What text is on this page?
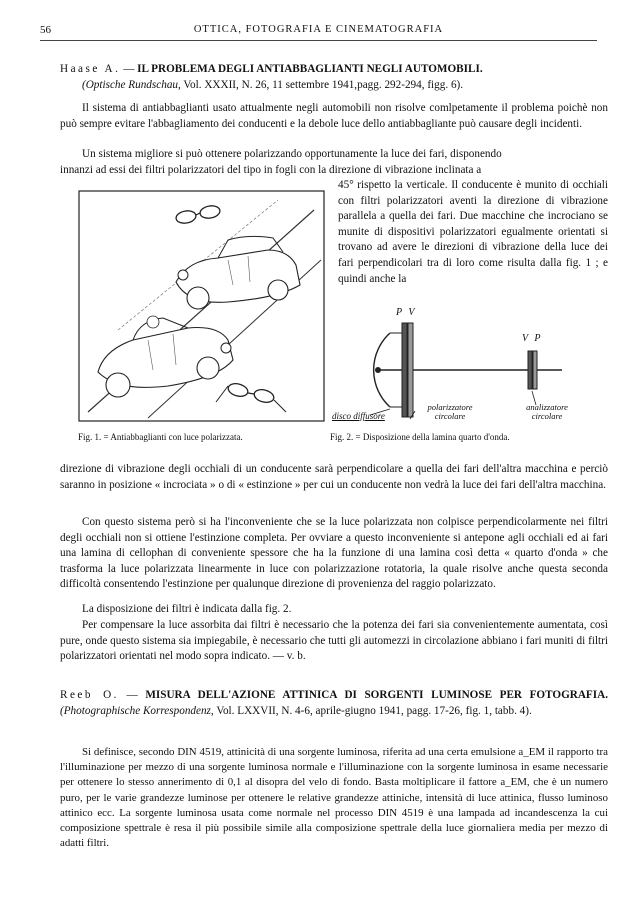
56	OTTICA, FOTOGRAFIA E CINEMATOGRAFIA
Haase A. — IL PROBLEMA DEGLI ANTIABBAGLIANTI NEGLI AUTOMOBILI.
(Optische Rundschau, Vol. XXXII, N. 26, 11 settembre 1941,pagg. 292-294, figg. 6).
Il sistema di antiabbaglianti usato attualmente negli automobili non risolve comlpetamente il problema poichè non può sempre evitare l'abbagliamento dei conducenti e la debole luce dello antiabbagliante può causare degli incidenti.
Un sistema migliore si può ottenere polarizzando opportunamente la luce dei fari, disponendo
innanzi ad essi dei filtri polarizzatori del tipo in fogli con la direzione di vibrazione inclinata a
45° rispetto la verticale. Il conducente è munito di occhiali con filtri polarizzatori aventi la direzione di vibrazione parallela a quella dei fari. Due macchine che incrociano se munite di dispositivi polarizzatori egualmente orientati si trovano ad avere le direzioni di vibrazione della luce dei fari perpendicolari tra di loro come risulta dalla fig. 1 ; e quindi anche la
P V
V P
disco diffusore
polarizzatore circolare
analizzatore circolare
Fig. 1. = Antiabbaglianti con luce polarizzata.	Fig. 2. = Disposizione della lamina quarto d'onda.
direzione di vibrazione degli occhiali di un conducente sarà perpendicolare a quella dei fari dell'altra macchina e perciò saranno in posizione « incrociata » o di « estinzione » per cui un conducente non vedrà la luce dei fari dell'altra macchina.
Con questo sistema però si ha l'inconveniente che se la luce polarizzata non colpisce perpendicolarmente nei filtri degli occhiali non si ottiene l'estinzione completa. Per ovviare a questo inconveniente si antepone agli occhiali ed ai fari una lamina di cellophan di conveniente spessore che ha la funzione di una lamina così detta « quarto d'onda » che trasforma la luce polarizzata linearmente in luce con polarizzazione rotatoria, la quale risolve anche questa seconda difficoltà consentendo l'estinzione per qualunque direzione di provenienza del raggio polarizzato.
La disposizione dei filtri è indicata dalla fig. 2.
Per compensare la luce assorbita dai filtri è necessario che la potenza dei fari sia convenientemente aumentata, così pure, onde questo sistema sia impiegabile, è necessario che tutti gli automezzi in circolazione abbiano i fari muniti di filtri polarizzatori orientati nel modo sopra indicato. — v. b.
Reeb O. — MISURA DELL'AZIONE ATTINICA DI SORGENTI LUMINOSE PER FOTOGRAFIA. (Photographische Korrespondenz, Vol. LXXVII, N. 4-6, aprile-giugno 1941, pagg. 17-26, fig. 1, tabb. 4).
Si definisce, secondo DIN 4519, attinicità di una sorgente luminosa, riferita ad una certa emulsione a_EM il rapporto tra l'illuminazione per mezzo di una sorgente luminosa normale e l'illuminazione con la sorgente luminosa in esame necessarie per ottenere lo stesso annerimento di 0,1 al disopra del velo di fondo. Basta moltiplicare il fattore a_EM, che è un numero puro, per le varie grandezze luminose per ottenere le relative grandezze attiniche, intensità di luce attinica, flusso luminoso attinico ecc. La sorgente luminosa usata come normale nel processo DIN 4519 è una lampada ad incandescenza la cui composizione spettrale è resa il più possibile simile alla composizione spettrale della luce giornaliera media per mezzo di adatti filtri.
